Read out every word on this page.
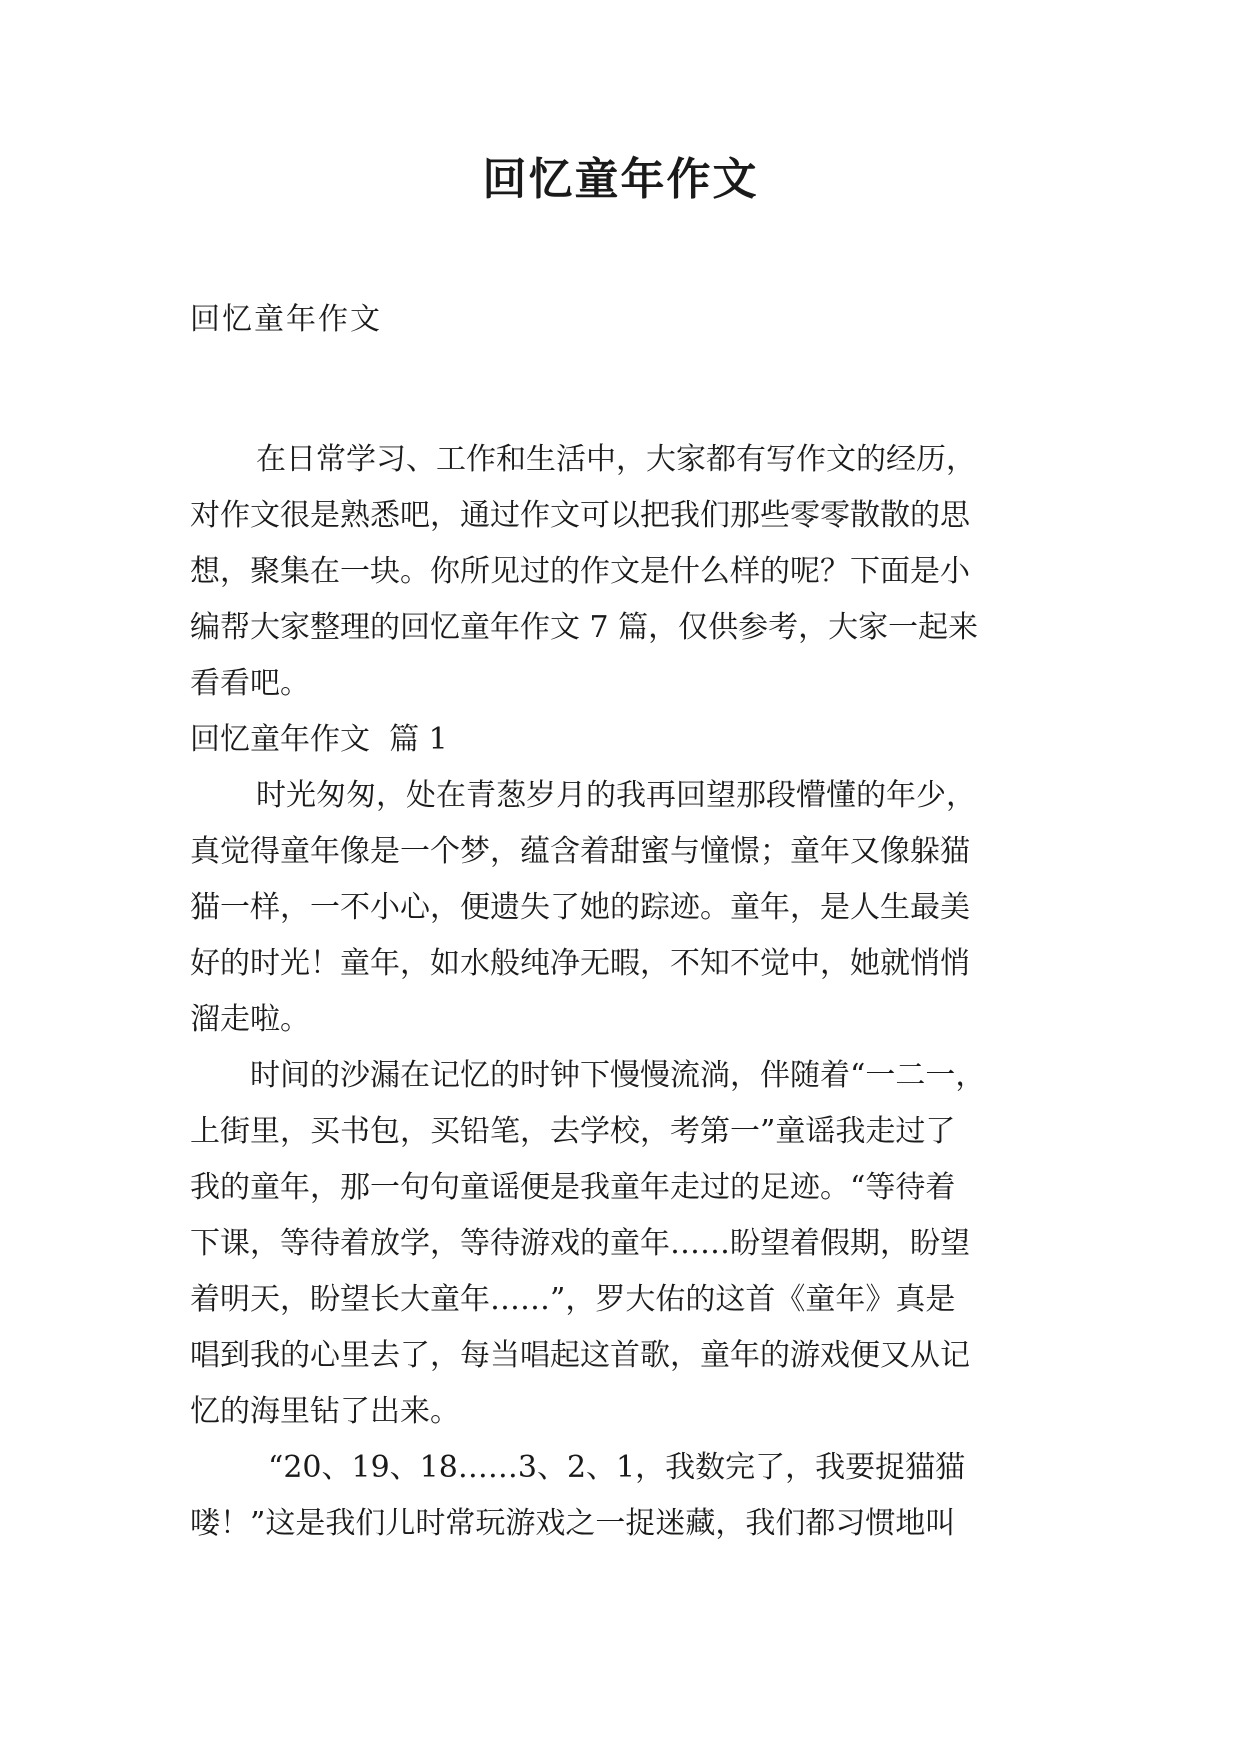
回忆童年作文
回忆童年作文
在日常学习、工作和生活中，大家都有写作文的经历，
对作文很是熟悉吧，通过作文可以把我们那些零零散散的思
想，聚集在一块。你所见过的作文是什么样的呢？下面是小
编帮大家整理的回忆童年作文 7 篇，仅供参考，大家一起来
看看吧。
回忆童年作文  篇 1
时光匆匆，处在青葱岁月的我再回望那段懵懂的年少，
真觉得童年像是一个梦，蕴含着甜蜜与憧憬；童年又像躲猫
猫一样，一不小心，便遗失了她的踪迹。童年，是人生最美
好的时光！童年，如水般纯净无暇，不知不觉中，她就悄悄
溜走啦。
时间的沙漏在记忆的时钟下慢慢流淌，伴随着“一二一，
上街里，买书包，买铅笔，去学校，考第一”童谣我走过了
我的童年，那一句句童谣便是我童年走过的足迹。“等待着
下课，等待着放学，等待游戏的童年……盼望着假期，盼望
着明天，盼望长大童年……”，罗大佑的这首《童年》真是
唱到我的心里去了，每当唱起这首歌，童年的游戏便又从记
忆的海里钻了出来。
“20、19、18……3、2、1，我数完了，我要捉猫猫
喽！”这是我们儿时常玩游戏之一捉迷藏，我们都习惯地叫
